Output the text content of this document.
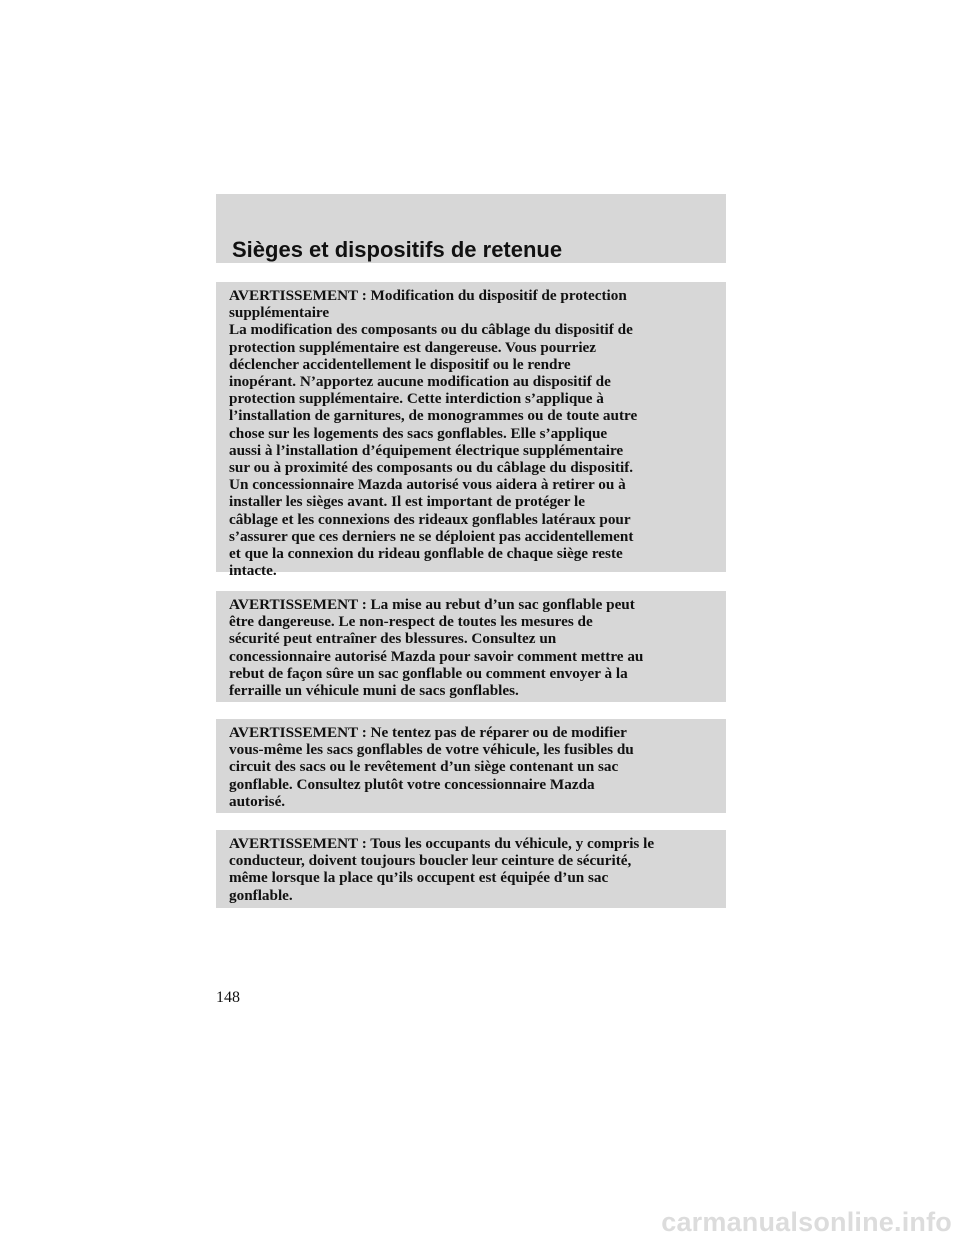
Sièges et dispositifs de retenue

AVERTISSEMENT : Modification du dispositif de protection
supplémentaire
La modification des composants ou du câblage du dispositif de
protection supplémentaire est dangereuse. Vous pourriez
déclencher accidentellement le dispositif ou le rendre
inopérant. N’apportez aucune modification au dispositif de
protection supplémentaire. Cette interdiction s’applique à
l’installation de garnitures, de monogrammes ou de toute autre
chose sur les logements des sacs gonflables. Elle s’applique
aussi à l’installation d’équipement électrique supplémentaire
sur ou à proximité des composants ou du câblage du dispositif.
Un concessionnaire Mazda autorisé vous aidera à retirer ou à
installer les sièges avant. Il est important de protéger le
câblage et les connexions des rideaux gonflables latéraux pour
s’assurer que ces derniers ne se déploient pas accidentellement
et que la connexion du rideau gonflable de chaque siège reste
intacte.

AVERTISSEMENT : La mise au rebut d’un sac gonflable peut
être dangereuse. Le non-respect de toutes les mesures de
sécurité peut entraîner des blessures. Consultez un
concessionnaire autorisé Mazda pour savoir comment mettre au
rebut de façon sûre un sac gonflable ou comment envoyer à la
ferraille un véhicule muni de sacs gonflables.

AVERTISSEMENT : Ne tentez pas de réparer ou de modifier
vous-même les sacs gonflables de votre véhicule, les fusibles du
circuit des sacs ou le revêtement d’un siège contenant un sac
gonflable. Consultez plutôt votre concessionnaire Mazda
autorisé.

AVERTISSEMENT : Tous les occupants du véhicule, y compris le
conducteur, doivent toujours boucler leur ceinture de sécurité,
même lorsque la place qu’ils occupent est équipée d’un sac
gonflable.

148
carmanualsonline.info
